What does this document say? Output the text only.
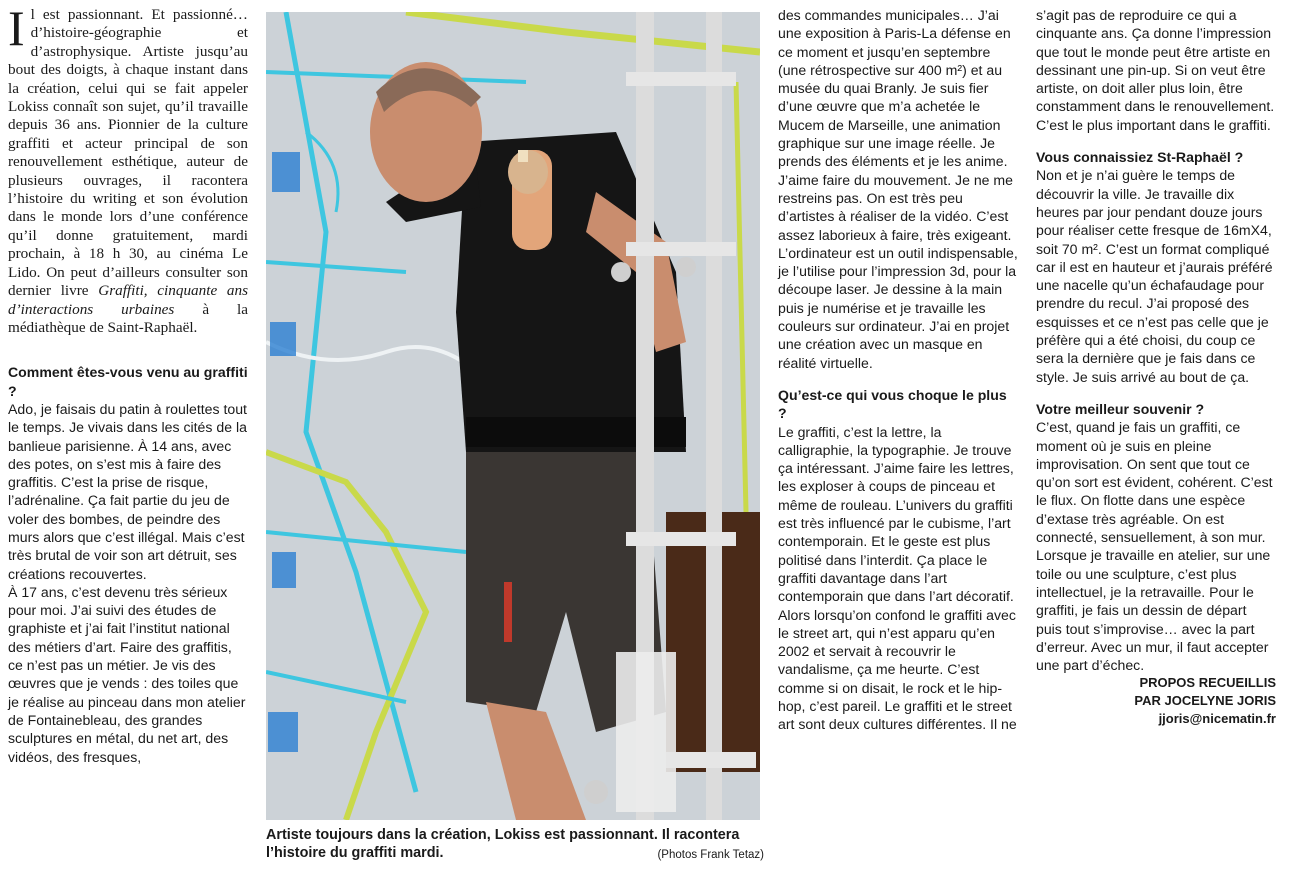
Il est passionnant. Et passionné… d’histoire-géographie et d’astrophysique. Artiste jusqu’au bout des doigts, à chaque instant dans la création, celui qui se fait appeler Lokiss connaît son sujet, qu’il travaille depuis 36 ans. Pionnier de la culture graffiti et acteur principal de son renouvellement esthétique, auteur de plusieurs ouvrages, il racontera l’histoire du writing et son évolution dans le monde lors d’une conférence qu’il donne gratuitement, mardi prochain, à 18 h 30, au cinéma Le Lido. On peut d’ailleurs consulter son dernier livre Graffiti, cinquante ans d’interactions urbaines à la médiathèque de Saint-Raphaël.

Comment êtes-vous venu au graffiti ?

Ado, je faisais du patin à roulettes tout le temps. Je vivais dans les cités de la banlieue parisienne. À 14 ans, avec des potes, on s’est mis à faire des graffitis. C’est la prise de risque, l’adrénaline. Ça fait partie du jeu de voler des bombes, de peindre des murs alors que c’est illégal. Mais c’est très brutal de voir son art détruit, ses créations recouvertes.

À 17 ans, c’est devenu très sérieux pour moi. J’ai suivi des études de graphiste et j’ai fait l’institut national des métiers d’art. Faire des graffitis, ce n’est pas un métier. Je vis des œuvres que je vends : des toiles que je réalise au pinceau dans mon atelier de Fontainebleau, des grandes sculptures en métal, du net art, des vidéos, des fresques,

Artiste toujours dans la création, Lokiss est passionnant. Il racontera l’histoire du graffiti mardi.	(Photos Frank Tetaz)

des commandes municipales… J’ai une exposition à Paris-La défense en ce moment et jusqu’en septembre (une rétrospective sur 400 m²) et au musée du quai Branly. Je suis fier d’une œuvre que m’a achetée le Mucem de Marseille, une animation graphique sur une image réelle. Je prends des éléments et je les anime. J’aime faire du mouvement. Je ne me restreins pas. On est très peu d’artistes à réaliser de la vidéo. C’est assez laborieux à faire, très exigeant. L’ordinateur est un outil indispensable, je l’utilise pour l’impression 3d, pour la découpe laser. Je dessine à la main puis je numérise et je travaille les couleurs sur ordinateur. J’ai en projet une création avec un masque en réalité virtuelle.

Qu’est-ce qui vous choque le plus ?

Le graffiti, c’est la lettre, la calligraphie, la typographie. Je trouve ça intéressant. J’aime faire les lettres, les exploser à coups de pinceau et même de rouleau. L’univers du graffiti est très influencé par le cubisme, l’art contemporain. Et le geste est plus politisé dans l’interdit. Ça place le graffiti davantage dans l’art contemporain que dans l’art décoratif. Alors lorsqu’on confond le graffiti avec le street art, qui n’est apparu qu’en 2002 et servait à recouvrir le vandalisme, ça me heurte. C’est comme si on disait, le rock et le hip-hop, c’est pareil. Le graffiti et le street art sont deux cultures différentes. Il ne

s’agit pas de reproduire ce qui a cinquante ans. Ça donne l’impression que tout le monde peut être artiste en dessinant une pin-up. Si on veut être artiste, on doit aller plus loin, être constamment dans le renouvellement. C’est le plus important dans le graffiti.

Vous connaissiez St-Raphaël ?

Non et je n’ai guère le temps de découvrir la ville. Je travaille dix heures par jour pendant douze jours pour réaliser cette fresque de 16mX4, soit 70 m². C’est un format compliqué car il est en hauteur et j’aurais préféré une nacelle qu’un échafaudage pour prendre du recul. J’ai proposé des esquisses et ce n’est pas celle que je préfère qui a été choisi, du coup ce sera la dernière que je fais dans ce style. Je suis arrivé au bout de ça.

Votre meilleur souvenir ?

C’est, quand je fais un graffiti, ce moment où je suis en pleine improvisation. On sent que tout ce qu’on sort est évident, cohérent. C’est le flux. On flotte dans une espèce d’extase très agréable. On est connecté, sensuellement, à son mur. Lorsque je travaille en atelier, sur une toile ou une sculpture, c’est plus intellectuel, je la retravaille. Pour le graffiti, je fais un dessin de départ puis tout s’improvise… avec la part d’erreur. Avec un mur, il faut accepter une part d’échec.

PROPOS RECUEILLIS
PAR JOCELYNE JORIS
jjoris@nicematin.fr
